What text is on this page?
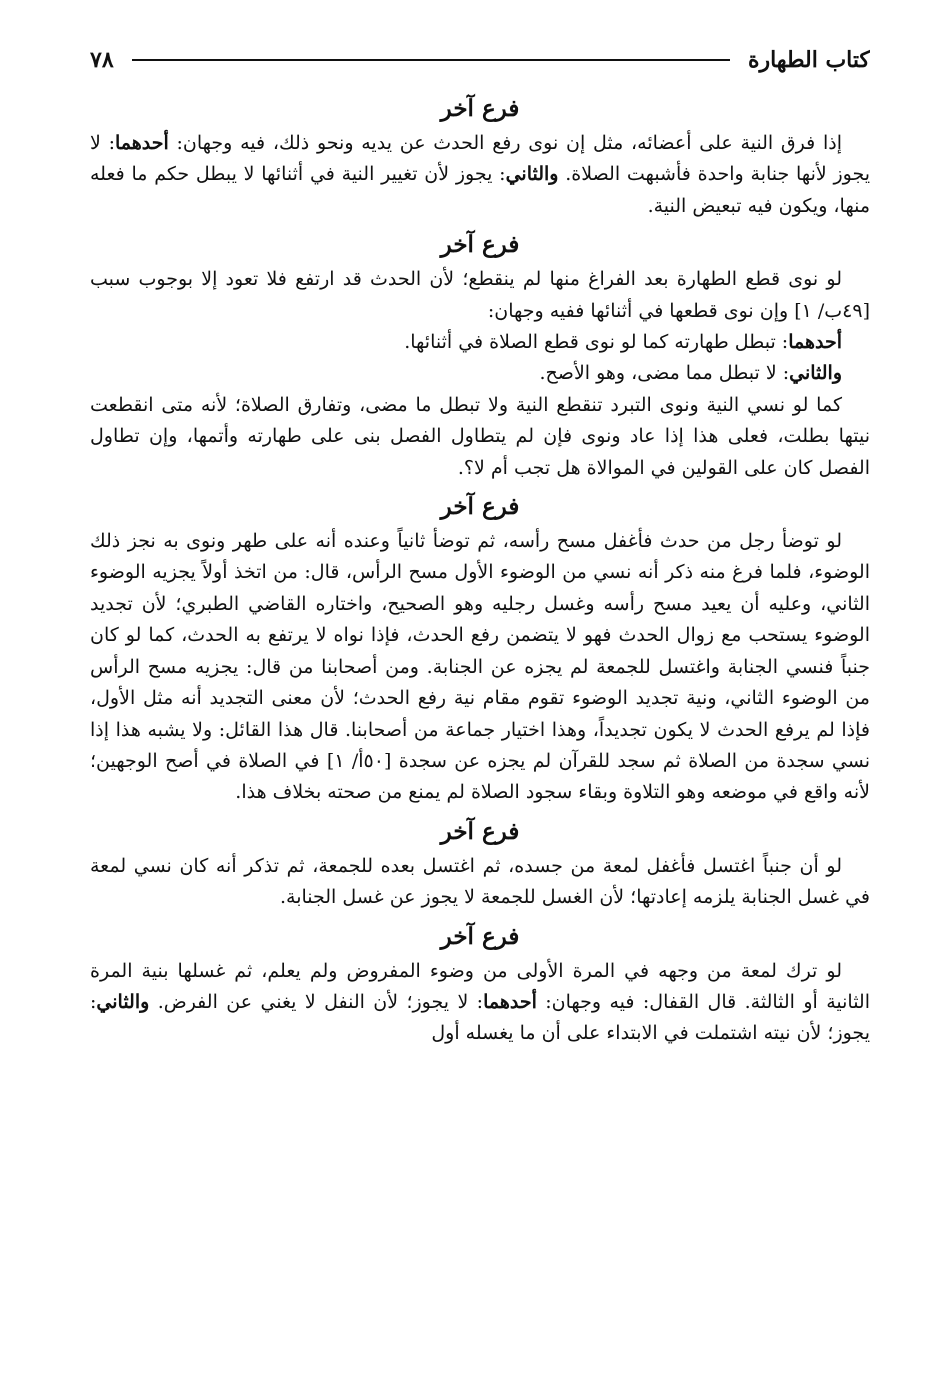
كتاب الطهارة
٧٨
فرع آخر

إذا فرق النية على أعضائه، مثل إن نوى رفع الحدث عن يديه ونحو ذلك، فيه وجهان: أحدهما: لا يجوز لأنها جنابة واحدة فأشبهت الصلاة. والثاني: يجوز لأن تغيير النية في أثنائها لا يبطل حكم ما فعله منها، ويكون فيه تبعيض النية.

فرع آخر

لو نوى قطع الطهارة بعد الفراغ منها لم ينقطع؛ لأن الحدث قد ارتفع فلا تعود إلا بوجوب سبب [٤٩ب/ ١] وإن نوى قطعها في أثنائها ففيه وجهان:

أحدهما: تبطل طهارته كما لو نوى قطع الصلاة في أثنائها.

والثاني: لا تبطل مما مضى، وهو الأصح.

كما لو نسي النية ونوى التبرد تنقطع النية ولا تبطل ما مضى، وتفارق الصلاة؛ لأنه متى انقطعت نيتها بطلت، فعلى هذا إذا عاد ونوى فإن لم يتطاول الفصل بنى على طهارته وأتمها، وإن تطاول الفصل كان على القولين في الموالاة هل تجب أم لا؟.

فرع آخر

لو توضأ رجل من حدث فأغفل مسح رأسه، ثم توضأ ثانياً وعنده أنه على طهر ونوى به نجز ذلك الوضوء، فلما فرغ منه ذكر أنه نسي من الوضوء الأول مسح الرأس، قال: من اتخذ أولاً يجزيه الوضوء الثاني، وعليه أن يعيد مسح رأسه وغسل رجليه وهو الصحيح، واختاره القاضي الطبري؛ لأن تجديد الوضوء يستحب مع زوال الحدث فهو لا يتضمن رفع الحدث، فإذا نواه لا يرتفع به الحدث، كما لو كان جنباً فنسي الجنابة واغتسل للجمعة لم يجزه عن الجنابة. ومن أصحابنا من قال: يجزيه مسح الرأس من الوضوء الثاني، ونية تجديد الوضوء تقوم مقام نية رفع الحدث؛ لأن معنى التجديد أنه مثل الأول، فإذا لم يرفع الحدث لا يكون تجديداً، وهذا اختيار جماعة من أصحابنا. قال هذا القائل: ولا يشبه هذا إذا نسي سجدة من الصلاة ثم سجد للقرآن لم يجزه عن سجدة [٥٠أ/ ١] في الصلاة في أصح الوجهين؛ لأنه واقع في موضعه وهو التلاوة وبقاء سجود الصلاة لم يمنع من صحته بخلاف هذا.

فرع آخر

لو أن جنباً اغتسل فأغفل لمعة من جسده، ثم اغتسل بعده للجمعة، ثم تذكر أنه كان نسي لمعة في غسل الجنابة يلزمه إعادتها؛ لأن الغسل للجمعة لا يجوز عن غسل الجنابة.

فرع آخر

لو ترك لمعة من وجهه في المرة الأولى من وضوء المفروض ولم يعلم، ثم غسلها بنية المرة الثانية أو الثالثة. قال القفال: فيه وجهان: أحدهما: لا يجوز؛ لأن النفل لا يغني عن الفرض. والثاني: يجوز؛ لأن نيته اشتملت في الابتداء على أن ما يغسله أول
